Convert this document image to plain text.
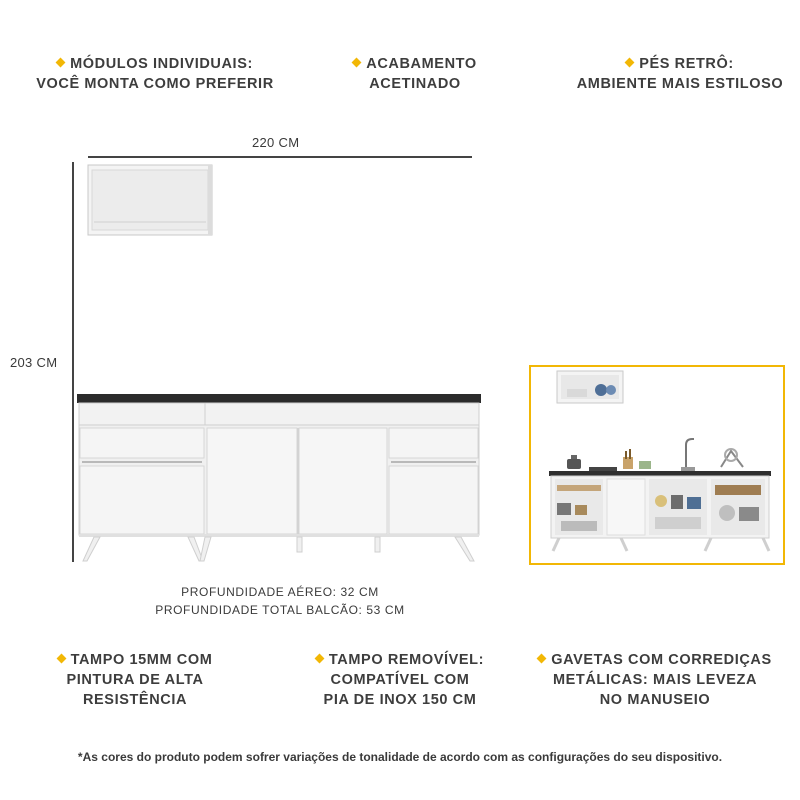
MÓDULOS INDIVIDUAIS:
VOCÊ MONTA COMO PREFERIR
ACABAMENTO
ACETINADO
PÉS RETRÔ:
AMBIENTE MAIS ESTILOSO
220 CM
203 CM
PROFUNDIDADE AÉREO: 32 CM
PROFUNDIDADE TOTAL BALCÃO: 53 CM
TAMPO 15MM COM
PINTURA DE ALTA
RESISTÊNCIA
TAMPO REMOVÍVEL:
COMPATÍVEL COM
PIA DE INOX 150 CM
GAVETAS COM CORREDIÇAS
METÁLICAS: MAIS LEVEZA
NO MANUSEIO
*As cores do produto podem sofrer variações de tonalidade de acordo com as configurações do seu dispositivo.
